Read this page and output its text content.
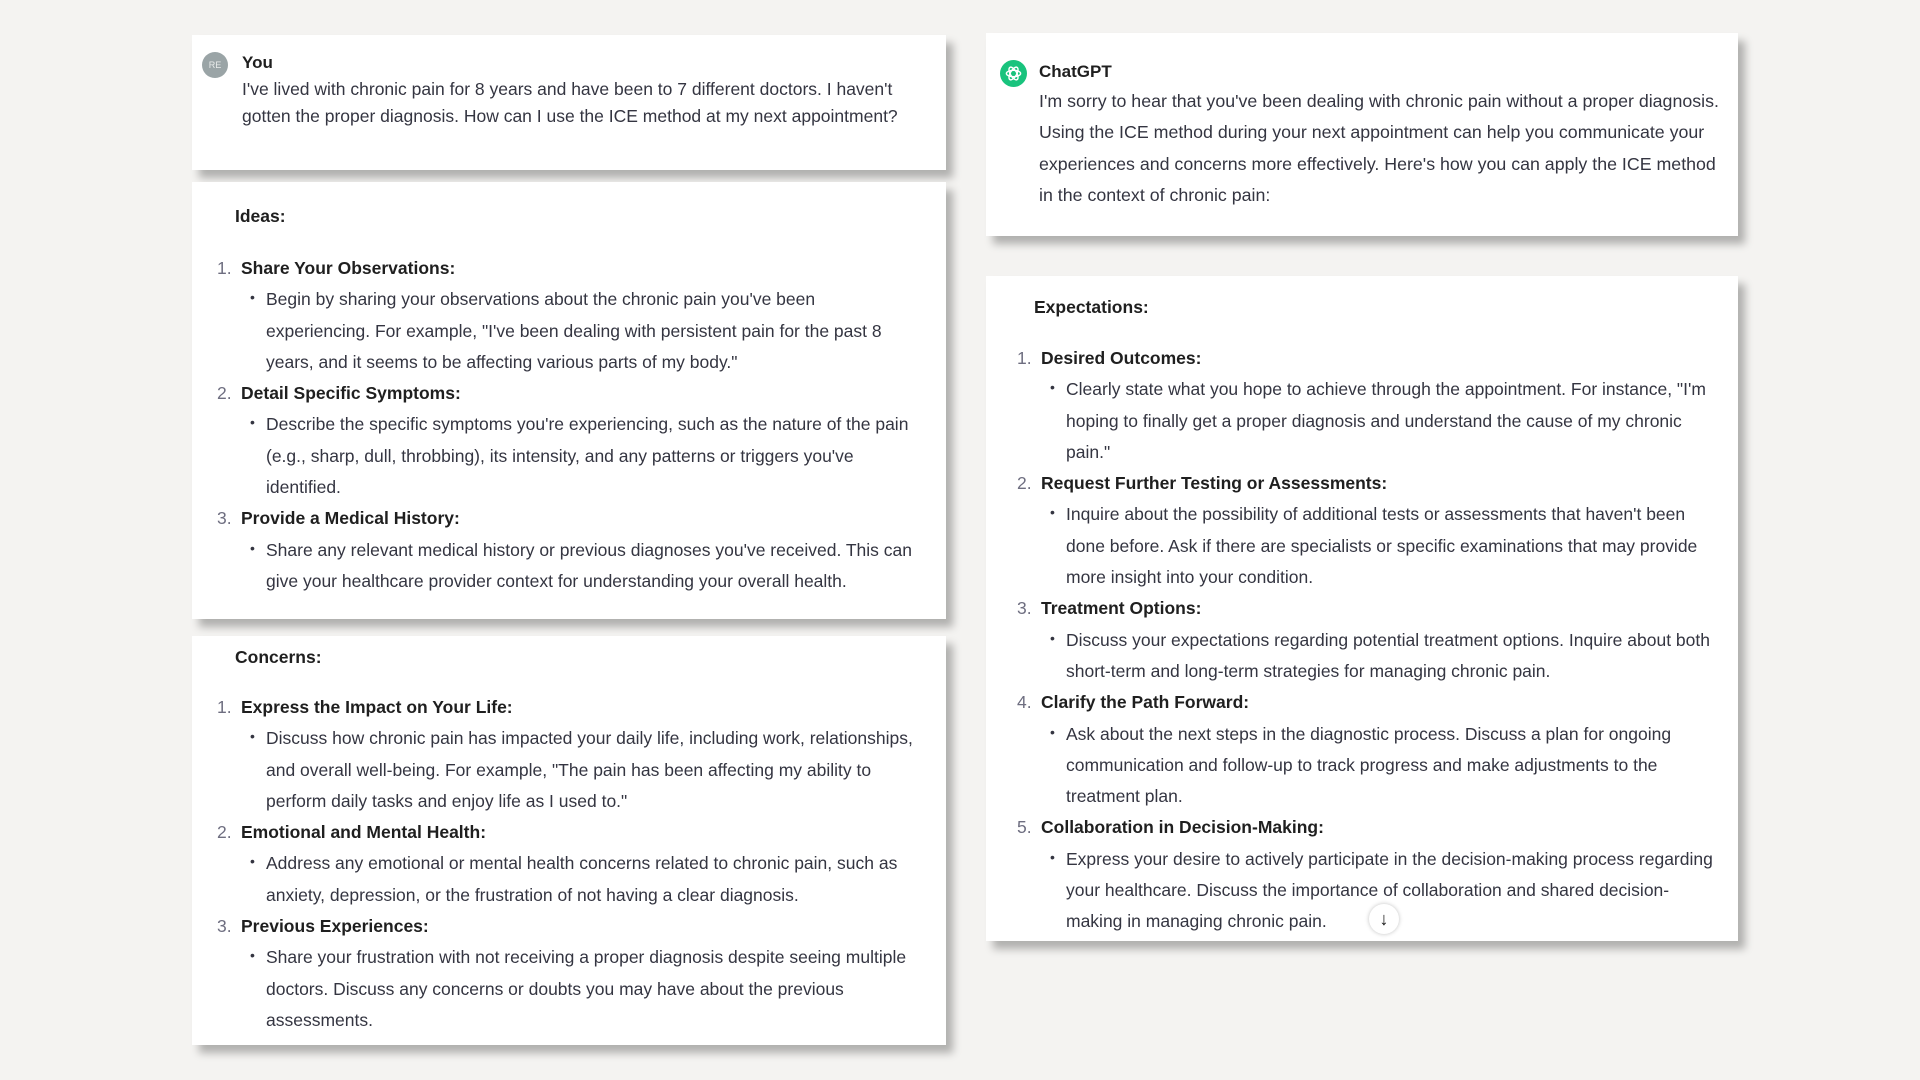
RE	You
I've lived with chronic pain for 8 years and have been to 7 different doctors. I haven't gotten the proper diagnosis. How can I use the ICE method at my next appointment?
ChatGPT
I'm sorry to hear that you've been dealing with chronic pain without a proper diagnosis. Using the ICE method during your next appointment can help you communicate your experiences and concerns more effectively. Here's how you can apply the ICE method in the context of chronic pain:
Ideas:
1. Share Your Observations:
• Begin by sharing your observations about the chronic pain you've been experiencing. For example, "I've been dealing with persistent pain for the past 8 years, and it seems to be affecting various parts of my body."
2. Detail Specific Symptoms:
• Describe the specific symptoms you're experiencing, such as the nature of the pain (e.g., sharp, dull, throbbing), its intensity, and any patterns or triggers you've identified.
3. Provide a Medical History:
• Share any relevant medical history or previous diagnoses you've received. This can give your healthcare provider context for understanding your overall health.
Concerns:
1. Express the Impact on Your Life:
• Discuss how chronic pain has impacted your daily life, including work, relationships, and overall well-being. For example, "The pain has been affecting my ability to perform daily tasks and enjoy life as I used to."
2. Emotional and Mental Health:
• Address any emotional or mental health concerns related to chronic pain, such as anxiety, depression, or the frustration of not having a clear diagnosis.
3. Previous Experiences:
• Share your frustration with not receiving a proper diagnosis despite seeing multiple doctors. Discuss any concerns or doubts you may have about the previous assessments.
Expectations:
1. Desired Outcomes:
• Clearly state what you hope to achieve through the appointment. For instance, "I'm hoping to finally get a proper diagnosis and understand the cause of my chronic pain."
2. Request Further Testing or Assessments:
• Inquire about the possibility of additional tests or assessments that haven't been done before. Ask if there are specialists or specific examinations that may provide more insight into your condition.
3. Treatment Options:
• Discuss your expectations regarding potential treatment options. Inquire about both short-term and long-term strategies for managing chronic pain.
4. Clarify the Path Forward:
• Ask about the next steps in the diagnostic process. Discuss a plan for ongoing communication and follow-up to track progress and make adjustments to the treatment plan.
5. Collaboration in Decision-Making:
• Express your desire to actively participate in the decision-making process regarding your healthcare. Discuss the importance of collaboration and shared decision-making in managing chronic pain.	↓
